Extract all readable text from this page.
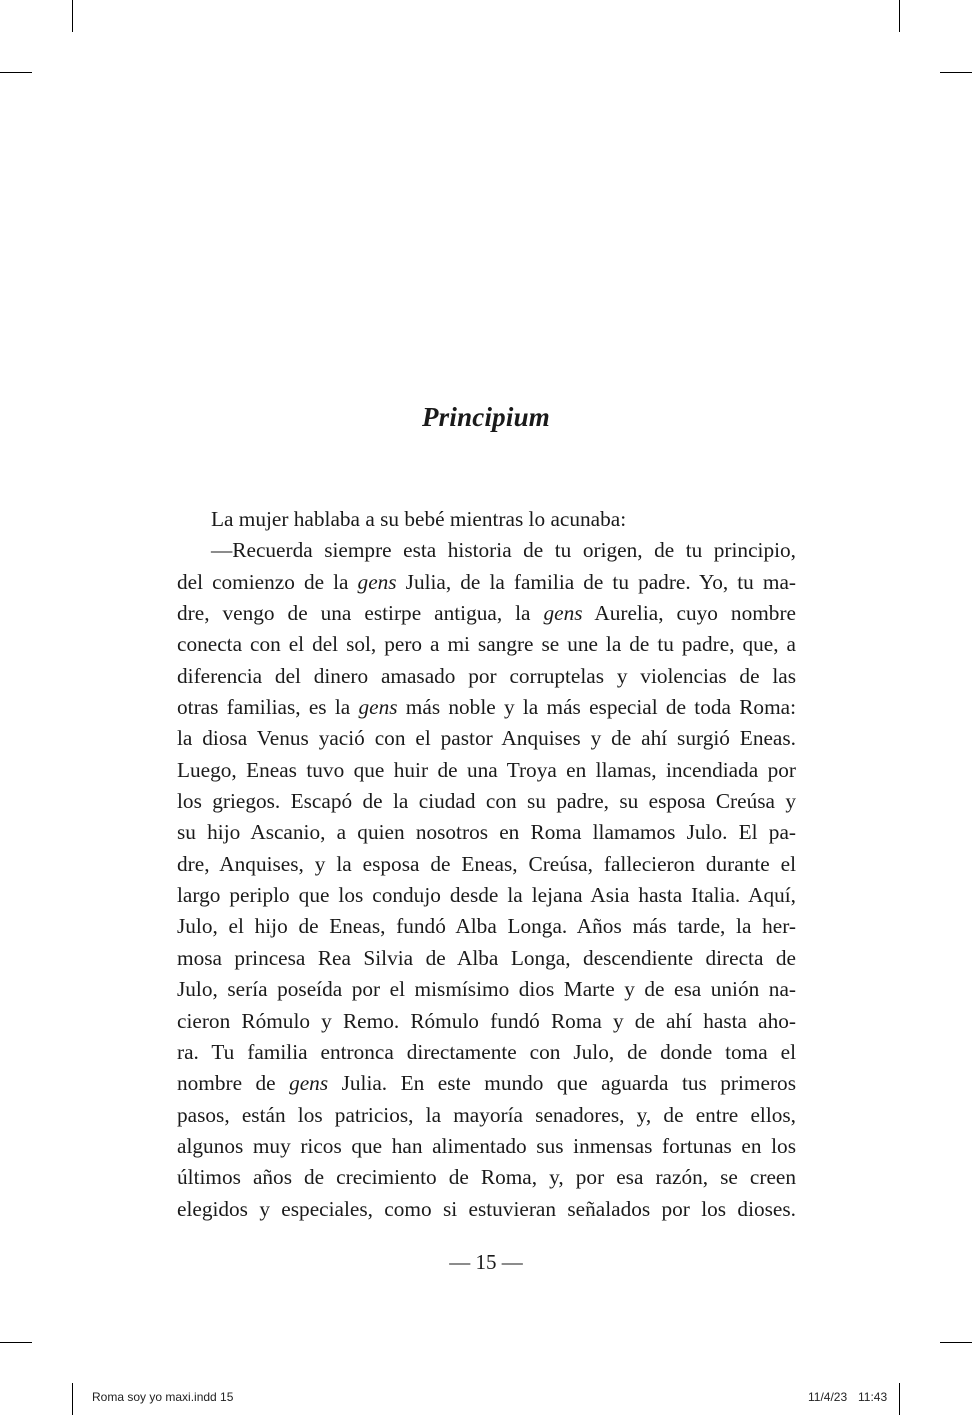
Principium
La mujer hablaba a su bebé mientras lo acunaba:
—Recuerda siempre esta historia de tu origen, de tu principio,
del comienzo de la gens Julia, de la familia de tu padre. Yo, tu ma-
dre, vengo de una estirpe antigua, la gens Aurelia, cuyo nombre
conecta con el del sol, pero a mi sangre se une la de tu padre, que, a
diferencia del dinero amasado por corruptelas y violencias de las
otras familias, es la gens más noble y la más especial de toda Roma:
la diosa Venus yació con el pastor Anquises y de ahí surgió Eneas.
Luego, Eneas tuvo que huir de una Troya en llamas, incendiada por
los griegos. Escapó de la ciudad con su padre, su esposa Creúsa y
su hijo Ascanio, a quien nosotros en Roma llamamos Julo. El pa-
dre, Anquises, y la esposa de Eneas, Creúsa, fallecieron durante el
largo periplo que los condujo desde la lejana Asia hasta Italia. Aquí,
Julo, el hijo de Eneas, fundó Alba Longa. Años más tarde, la her-
mosa princesa Rea Silvia de Alba Longa, descendiente directa de
Julo, sería poseída por el mismísimo dios Marte y de esa unión na-
cieron Rómulo y Remo. Rómulo fundó Roma y de ahí hasta aho-
ra. Tu familia entronca directamente con Julo, de donde toma el
nombre de gens Julia. En este mundo que aguarda tus primeros
pasos, están los patricios, la mayoría senadores, y, de entre ellos,
algunos muy ricos que han alimentado sus inmensas fortunas en los
últimos años de crecimiento de Roma, y, por esa razón, se creen
elegidos y especiales, como si estuvieran señalados por los dioses.
— 15 —
Roma soy yo maxi.indd 15	11/4/23 11:43
